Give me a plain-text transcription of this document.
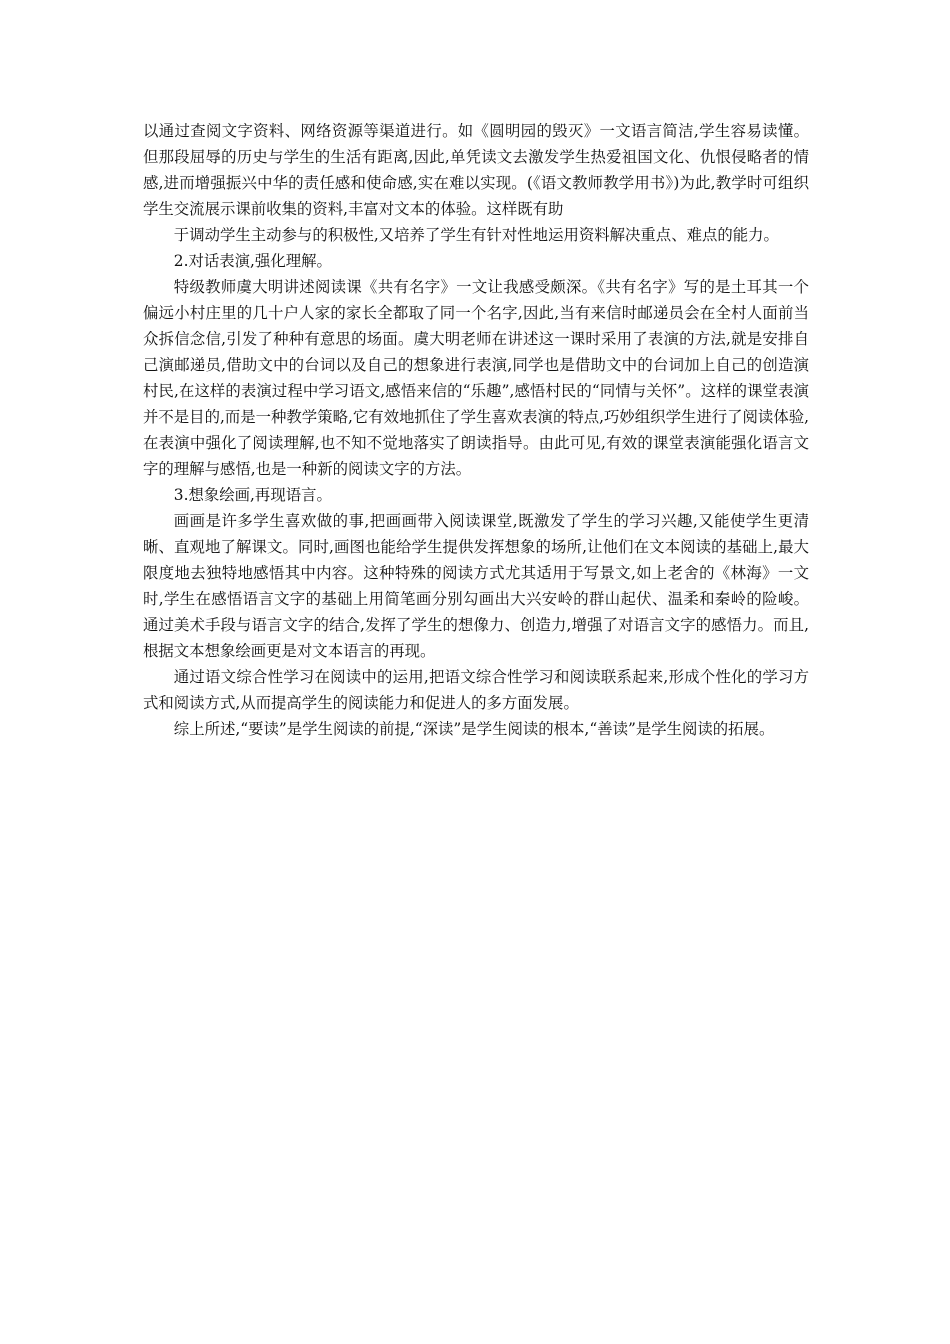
以通过查阅文字资料、网络资源等渠道进行。如《圆明园的毁灭》一文语言简洁,学生容易读懂。但那段屈辱的历史与学生的生活有距离,因此,单凭读文去激发学生热爱祖国文化、仇恨侵略者的情感,进而增强振兴中华的责任感和使命感,实在难以实现。(《语文教师教学用书》)为此,教学时可组织学生交流展示课前收集的资料,丰富对文本的体验。这样既有助

于调动学生主动参与的积极性,又培养了学生有针对性地运用资料解决重点、难点的能力。

2.对话表演,强化理解。

特级教师虞大明讲述阅读课《共有名字》一文让我感受颇深。《共有名字》写的是土耳其一个偏远小村庄里的几十户人家的家长全都取了同一个名字,因此,当有来信时邮递员会在全村人面前当众拆信念信,引发了种种有意思的场面。虞大明老师在讲述这一课时采用了表演的方法,就是安排自己演邮递员,借助文中的台词以及自己的想象进行表演,同学也是借助文中的台词加上自己的创造演村民,在这样的表演过程中学习语文,感悟来信的“乐趣”,感悟村民的“同情与关怀”。这样的课堂表演并不是目的,而是一种教学策略,它有效地抓住了学生喜欢表演的特点,巧妙组织学生进行了阅读体验,在表演中强化了阅读理解,也不知不觉地落实了朗读指导。由此可见,有效的课堂表演能强化语言文字的理解与感悟,也是一种新的阅读文字的方法。

3.想象绘画,再现语言。

画画是许多学生喜欢做的事,把画画带入阅读课堂,既激发了学生的学习兴趣,又能使学生更清晰、直观地了解课文。同时,画图也能给学生提供发挥想象的场所,让他们在文本阅读的基础上,最大限度地去独特地感悟其中内容。这种特殊的阅读方式尤其适用于写景文,如上老舍的《林海》一文时,学生在感悟语言文字的基础上用简笔画分别勾画出大兴安岭的群山起伏、温柔和秦岭的险峻。通过美术手段与语言文字的结合,发挥了学生的想像力、创造力,增强了对语言文字的感悟力。而且,根据文本想象绘画更是对文本语言的再现。

通过语文综合性学习在阅读中的运用,把语文综合性学习和阅读联系起来,形成个性化的学习方式和阅读方式,从而提高学生的阅读能力和促进人的多方面发展。

综上所述,“要读”是学生阅读的前提,“深读”是学生阅读的根本,“善读”是学生阅读的拓展。
